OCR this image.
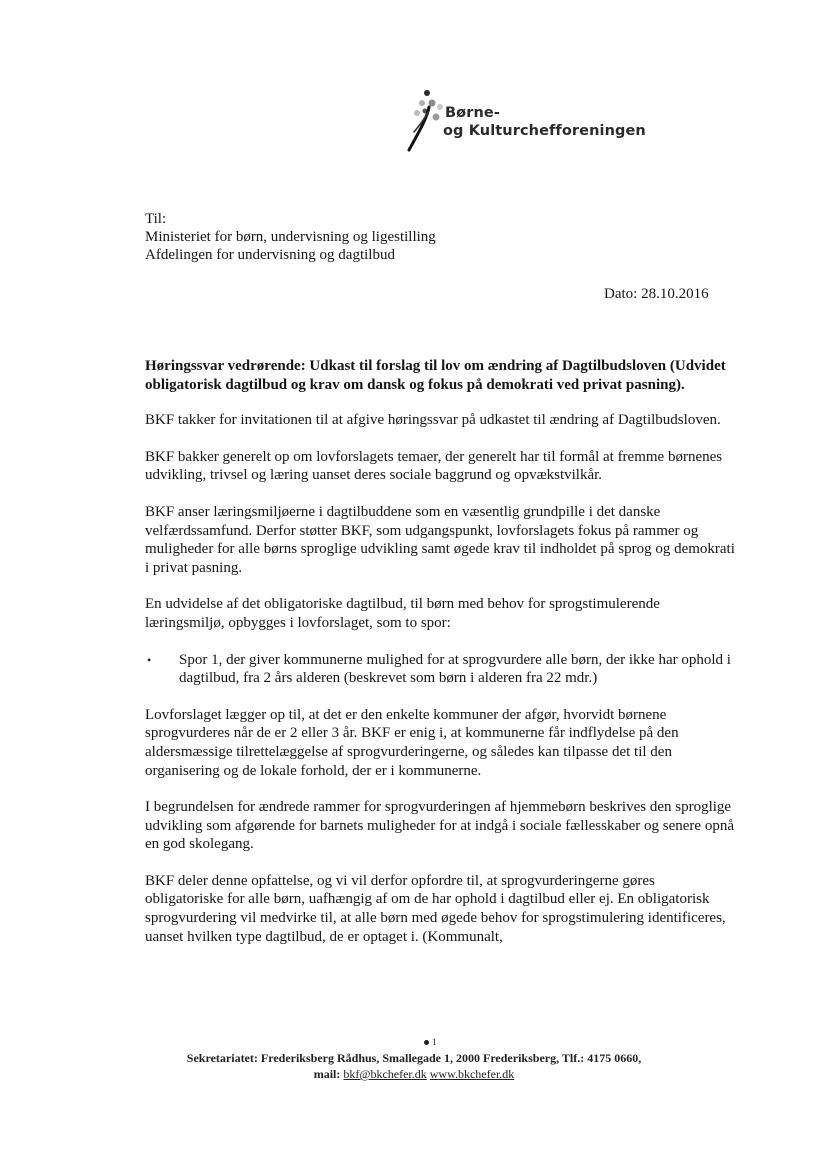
Børne-
og Kulturchefforeningen
Til:
Ministeriet for børn, undervisning og ligestilling
Afdelingen for undervisning og dagtilbud
Dato: 28.10.2016
Høringssvar vedrørende: Udkast til forslag til lov om ændring af Dagtilbudsloven (Udvidet obligatorisk dagtilbud og krav om dansk og fokus på demokrati ved privat pasning).

BKF takker for invitationen til at afgive høringssvar på udkastet til ændring af Dagtilbudsloven.

BKF bakker generelt op om lovforslagets temaer, der generelt har til formål at fremme børnenes udvikling, trivsel og læring uanset deres sociale baggrund og opvækstvilkår.

BKF anser læringsmiljøerne i dagtilbuddene som en væsentlig grundpille i det danske velfærdssamfund. Derfor støtter BKF, som udgangspunkt, lovforslagets fokus på rammer og muligheder for alle børns sproglige udvikling samt øgede krav til indholdet på sprog og demokrati i privat pasning.

En udvidelse af det obligatoriske dagtilbud, til børn med behov for sprogstimulerende læringsmiljø, opbygges i lovforslaget, som to spor:

•	Spor 1, der giver kommunerne mulighed for at sprogvurdere alle børn, der ikke har ophold i dagtilbud, fra 2 års alderen (beskrevet som børn i alderen fra 22 mdr.)

Lovforslaget lægger op til, at det er den enkelte kommuner der afgør, hvorvidt børnene sprogvurderes når de er 2 eller 3 år. BKF er enig i, at kommunerne får indflydelse på den aldersmæssige tilrettelæggelse af sprogvurderingerne, og således kan tilpasse det til den organisering og de lokale forhold, der er i kommunerne.

I begrundelsen for ændrede rammer for sprogvurderingen af hjemmebørn beskrives den sproglige udvikling som afgørende for barnets muligheder for at indgå i sociale fællesskaber og senere opnå en god skolegang.

BKF deler denne opfattelse, og vi vil derfor opfordre til, at sprogvurderingerne gøres obligatoriske for alle børn, uafhængig af om de har ophold i dagtilbud eller ej. En obligatorisk sprogvurdering vil medvirke til, at alle børn med øgede behov for sprogstimulering identificeres, uanset hvilken type dagtilbud, de er optaget i. (Kommunalt,

1
Sekretariatet: Frederiksberg Rådhus, Smallegade 1, 2000 Frederiksberg, Tlf.: 4175 0660,
mail: bkf@bkchefer.dk www.bkchefer.dk
